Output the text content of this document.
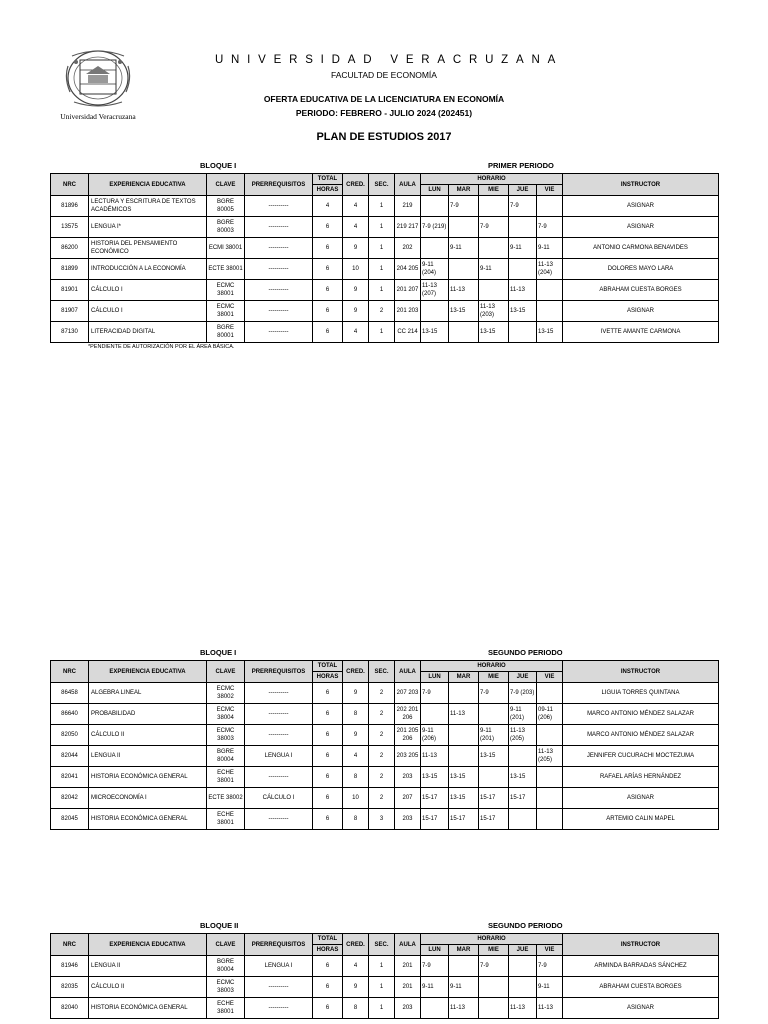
Universidad Veracruzana
UNIVERSIDAD VERACRUZANA
FACULTAD DE ECONOMÍA
OFERTA EDUCATIVA DE LA LICENCIATURA EN ECONOMÍA
PERIODO: FEBRERO - JULIO 2024 (202451)
PLAN DE ESTUDIOS 2017
BLOQUE I	PRIMER PERIODO
NRC	EXPERIENCIA EDUCATIVA	CLAVE	PRERREQUISITOS	TOTAL	CRED.	SEC.	AULA	HORARIO					INSTRUCTOR
				HORAS				LUN	MAR	MIE	JUE	VIE	
81896	LECTURA Y ESCRITURA DE TEXTOS ACADÉMICOS	BGRE 80005	----------	4	4	1	219		7-9		7-9		ASIGNAR
13575	LENGUA I*	BGRE 80003	----------	6	4	1	219 217	7-9 (219)		7-9		7-9	ASIGNAR
86200	HISTORIA DEL PENSAMIENTO ECONÓMICO	ECMI 38001	----------	6	9	1	202		9-11		9-11	9-11	ANTONIO CARMONA BENAVIDES
81899	INTRODUCCIÓN A LA ECONOMÍA	ECTE 38001	----------	6	10	1	204 205	9-11 (204)		9-11		11-13 (204)	DOLORES MAYO LARA
81901	CÁLCULO I	ECMC 38001	----------	6	9	1	201 207	11-13 (207)	11-13		11-13		ABRAHAM CUESTA BORGES
81907	CÁLCULO I	ECMC 38001	----------	6	9	2	201 203		13-15	11-13 (203)	13-15		ASIGNAR
87130	LITERACIDAD DIGITAL	BGRE 80001	----------	6	4	1	CC 214	13-15		13-15		13-15	IVETTE AMANTE CARMONA
*PENDIENTE DE AUTORIZACIÓN POR EL ÁREA BÁSICA.
BLOQUE I	SEGUNDO PERIODO
NRC	EXPERIENCIA EDUCATIVA	CLAVE	PRERREQUISITOS	TOTAL	CRED.	SEC.	AULA	HORARIO					INSTRUCTOR
				HORAS				LUN	MAR	MIE	JUE	VIE	
86458	ALGEBRA LINEAL	ECMC 38002	----------	6	9	2	207 203	7-9		7-9	7-9 (203)		LIGUIA TORRES QUINTANA
86640	PROBABILIDAD	ECMC 38004	----------	6	8	2	202 201 206		11-13		9-11 (201)	09-11 (206)	MARCO ANTONIO MÉNDEZ SALAZAR
82050	CÁLCULO II	ECMC 38003	----------	6	9	2	201 205 206	9-11 (206)		9-11 (201)	11-13 (205)		MARCO ANTONIO MÉNDEZ SALAZAR
82044	LENGUA II	BGRE 80004	LENGUA I	6	4	2	203 205	11-13		13-15		11-13 (205)	JENNIFER CUCURACHI MOCTEZUMA
82041	HISTORIA ECONÓMICA GENERAL	ECHE 38001	----------	6	8	2	203	13-15	13-15		13-15		RAFAEL ARÍAS HERNÁNDEZ
82042	MICROECONOMÍA I	ECTE 38002	CÁLCULO I	6	10	2	207	15-17	13-15	15-17	15-17		ASIGNAR
82045	HISTORIA ECONÓMICA GENERAL	ECHE 38001	----------	6	8	3	203	15-17	15-17	15-17			ARTEMIO CALIN MAPEL
BLOQUE II	SEGUNDO PERIODO
NRC	EXPERIENCIA EDUCATIVA	CLAVE	PRERREQUISITOS	TOTAL	CRED.	SEC.	AULA	HORARIO					INSTRUCTOR
				HORAS				LUN	MAR	MIE	JUE	VIE	
81946	LENGUA II	BGRE 80004	LENGUA I	6	4	1	201	7-9		7-9		7-9	ARMINDA BARRADAS SÁNCHEZ
82035	CÁLCULO II	ECMC 38003	----------	6	9	1	201	9-11	9-11			9-11	ABRAHAM CUESTA BORGES
82040	HISTORIA ECONÓMICA GENERAL	ECHE 38001	----------	6	8	1	203		11-13		11-13	11-13	ASIGNAR
